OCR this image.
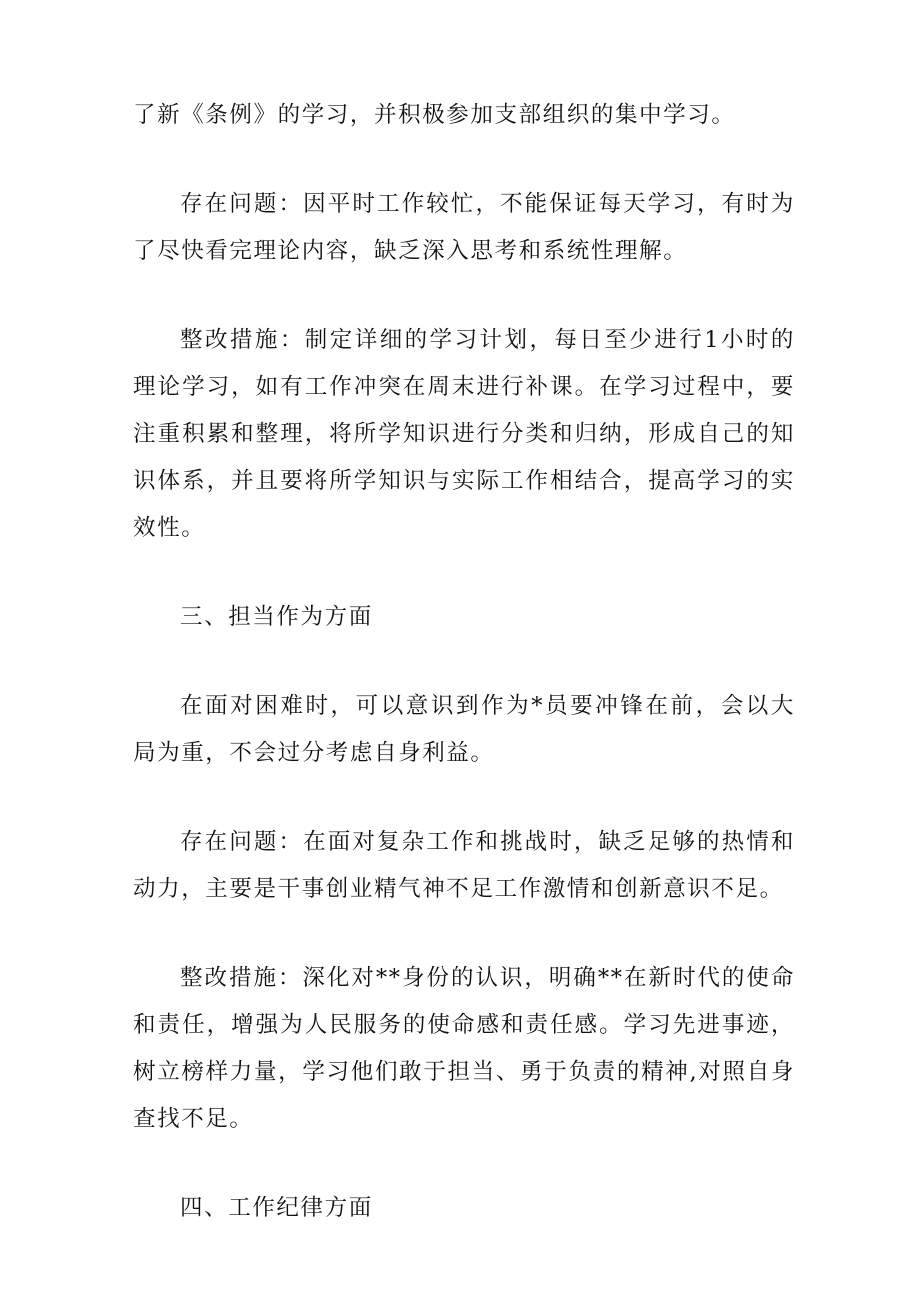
了新《条例》的学习，并积极参加支部组织的集中学习。

存在问题：因平时工作较忙，不能保证每天学习，有时为了尽快看完理论内容，缺乏深入思考和系统性理解。

整改措施：制定详细的学习计划，每日至少进行1小时的理论学习，如有工作冲突在周末进行补课。在学习过程中，要注重积累和整理，将所学知识进行分类和归纳，形成自己的知识体系，并且要将所学知识与实际工作相结合，提高学习的实效性。

三、担当作为方面

在面对困难时，可以意识到作为*员要冲锋在前，会以大局为重，不会过分考虑自身利益。

存在问题：在面对复杂工作和挑战时，缺乏足够的热情和动力，主要是干事创业精气神不足工作激情和创新意识不足。

整改措施：深化对**身份的认识，明确**在新时代的使命和责任，增强为人民服务的使命感和责任感。学习先进事迹，树立榜样力量，学习他们敢于担当、勇于负责的精神,对照自身查找不足。

四、工作纪律方面
